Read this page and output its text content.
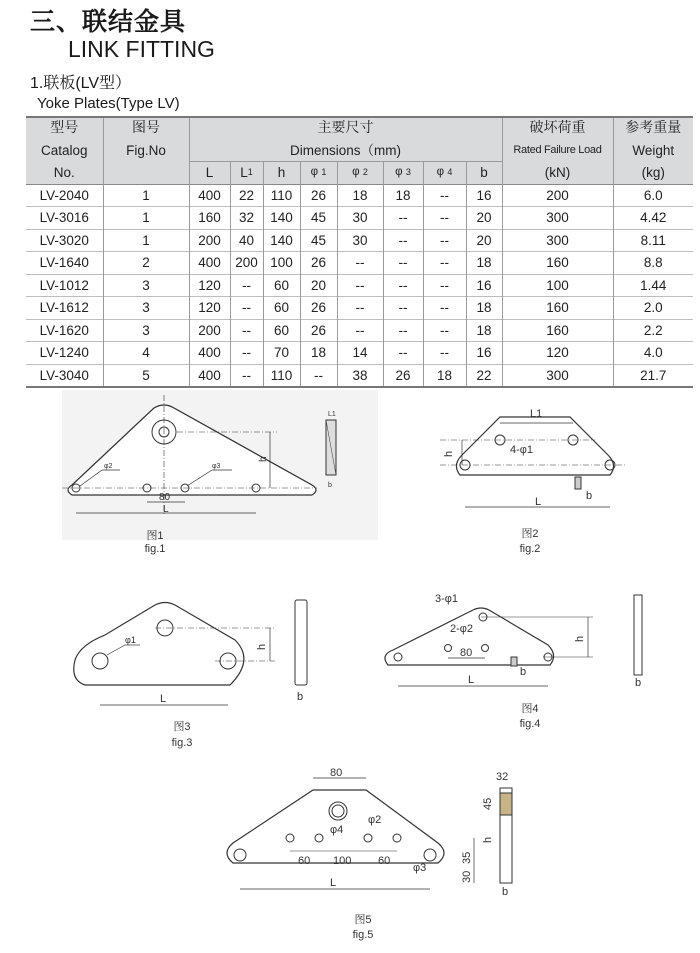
三、联结金具
LINK FITTING
1.联板(LV型）
Yoke Plates(Type LV)
型号	图号	主要尺寸								破坏荷重	参考重量
Catalog	Fig.No	Dimensions（mm)								Rated Failure Load	Weight
No.		L	$L^1$	h	φ $^1$	φ $^2$	φ $^3$	φ $^4$	b	(kN)	(kg)
LV-2040	1	400	22	110	26	18	18	--	16	200	6.0
LV-3016	1	160	32	140	45	30	--	--	20	300	4.42
LV-3020	1	200	40	140	45	30	--	--	20	300	8.11
LV-1640	2	400	200	100	26	--	--	--	18	160	8.8
LV-1012	3	120	--	60	20	--	--	--	16	100	1.44
LV-1612	3	120	--	60	26	--	--	--	18	160	2.0
LV-1620	3	200	--	60	26	--	--	--	18	160	2.2
LV-1240	4	400	--	70	18	14	--	--	16	120	4.0
LV-3040	5	400	--	110	--	38	26	18	22	300	21.7
h
φ2	φ3
80
L
L1
b
图1
fig.1
L1
4-φ1
h
b
L
图2
fig.2
h
φ1
L	b
图3
fig.3
h
3-φ1
2-φ2
80
b
L	b
图4
fig.4
80
φ2
φ4
60 100 60
φ3
35
30
L
32
45
h
b
图5
fig.5
